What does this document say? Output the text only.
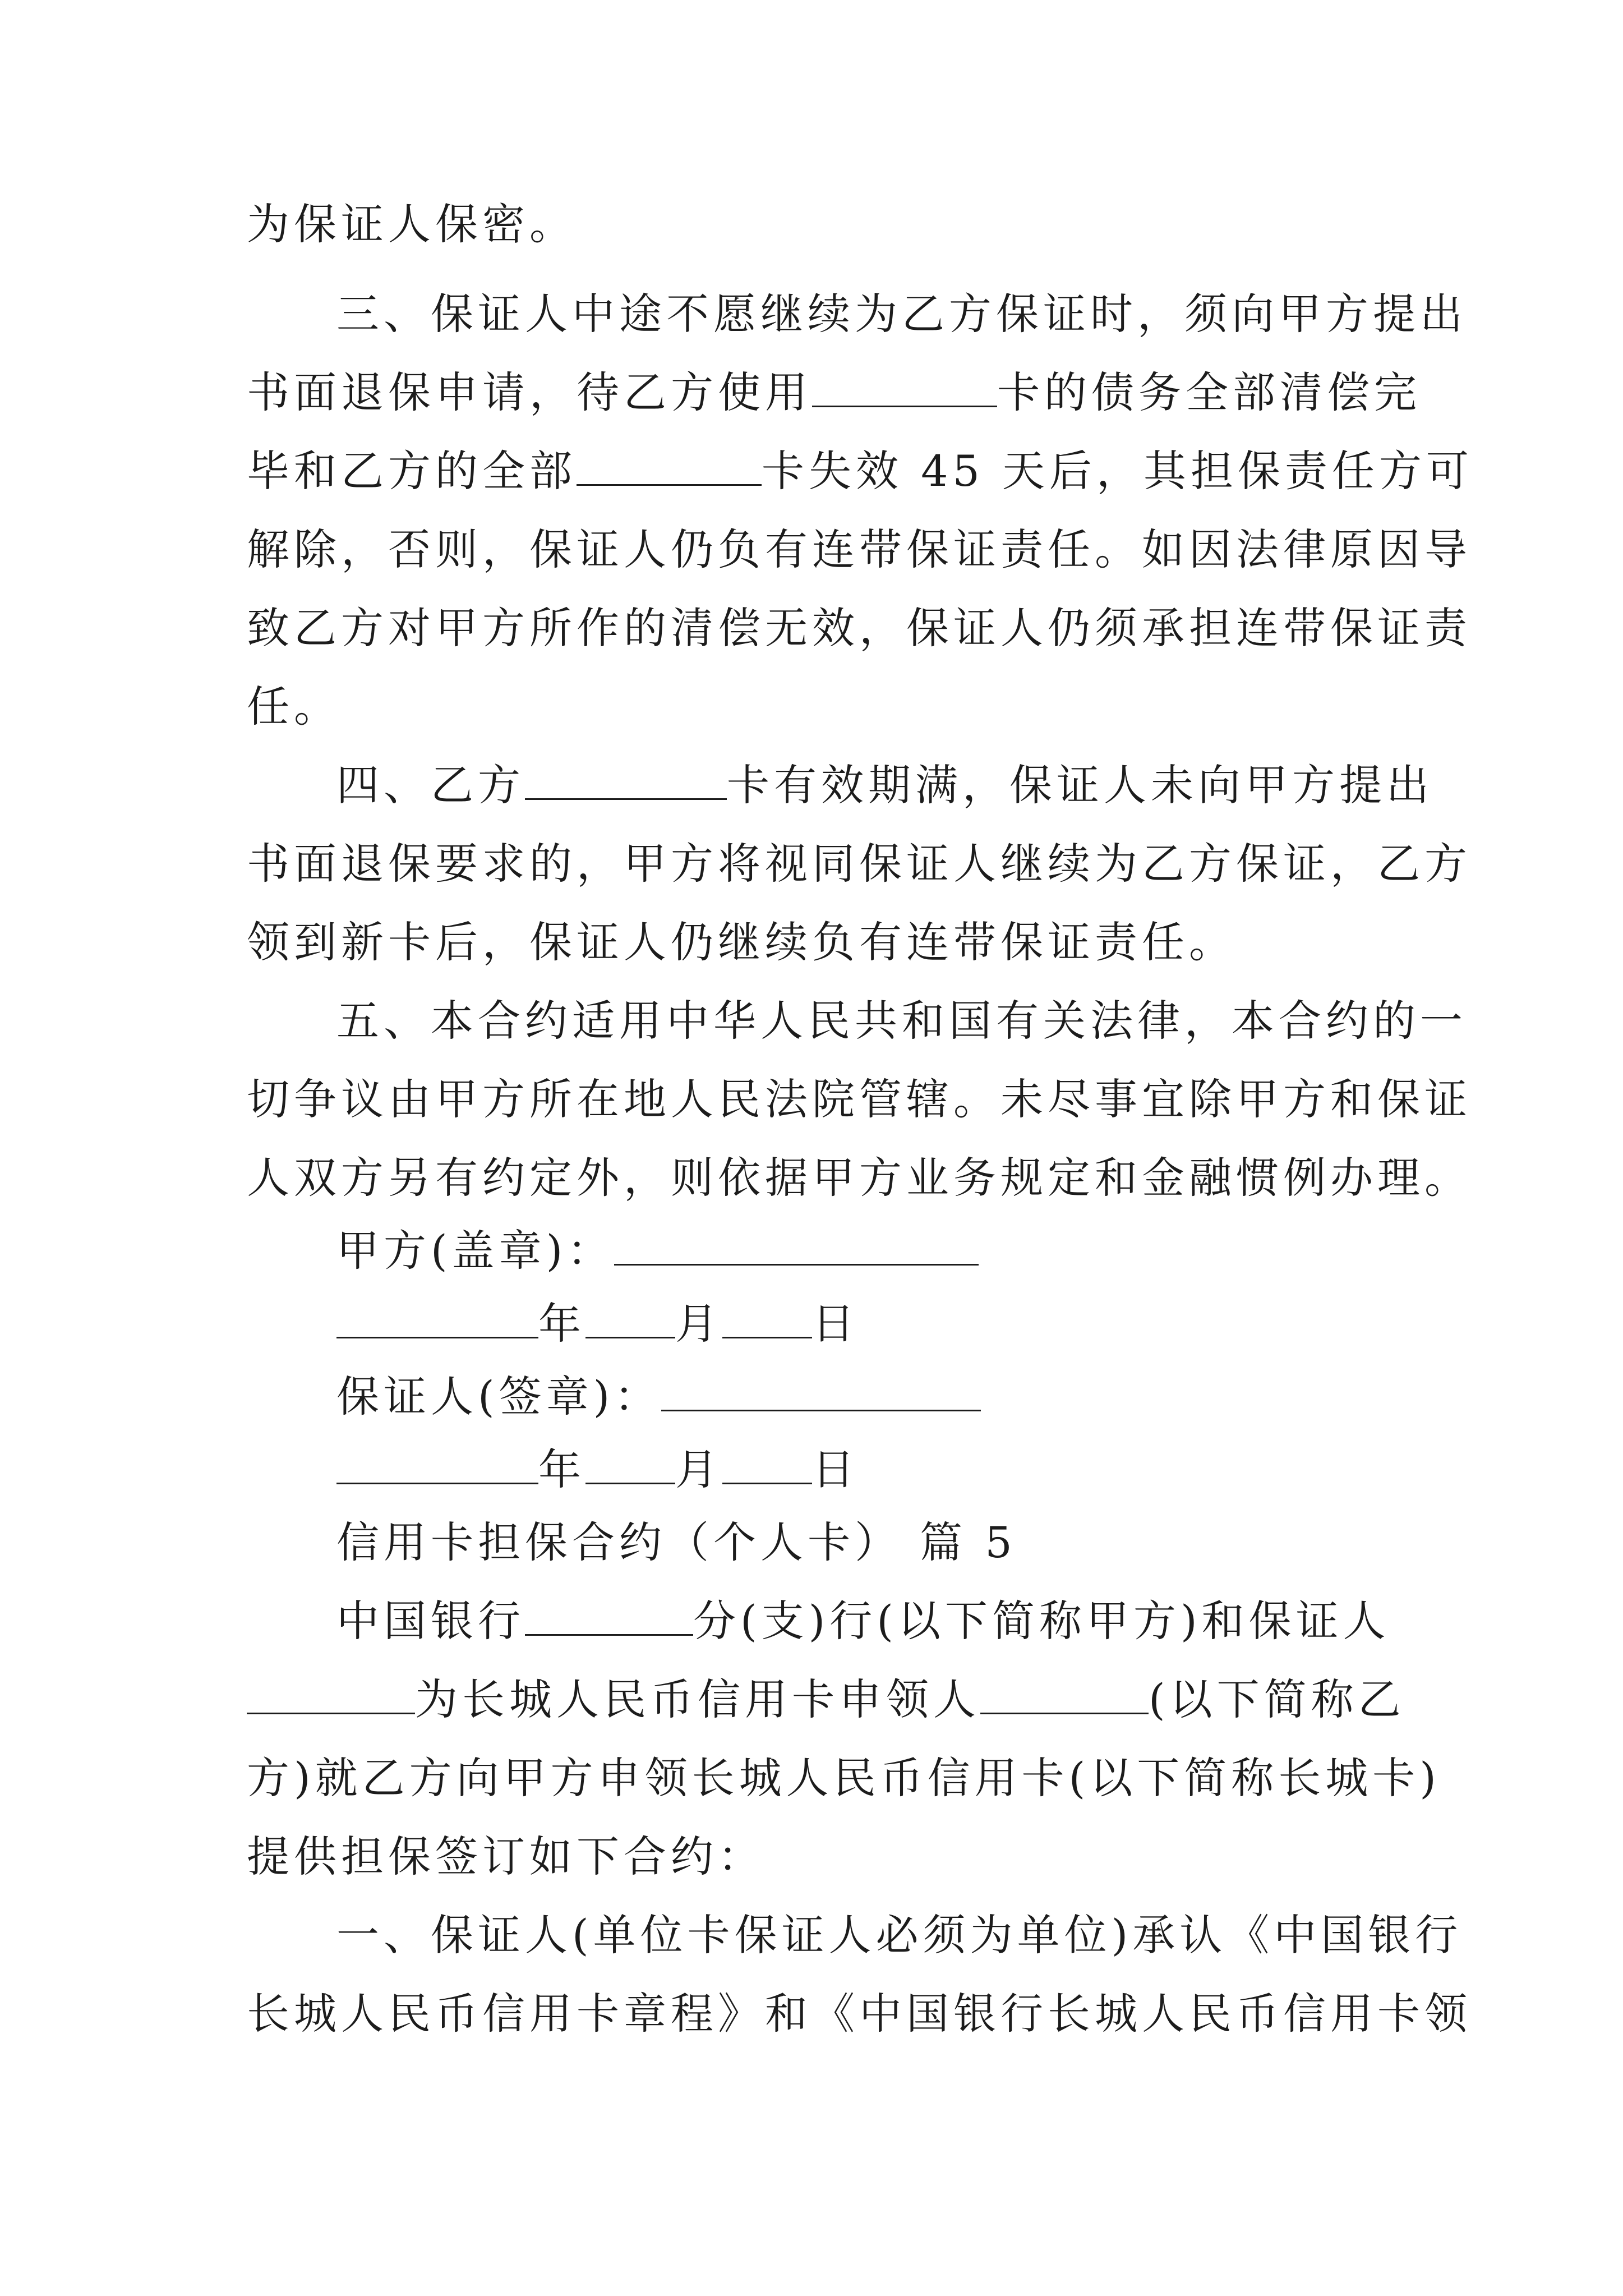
为保证人保密。
三、保证人中途不愿继续为乙方保证时，须向甲方提出
书面退保申请，待乙方使用	卡的债务全部清偿完
毕和乙方的全部	卡失效 45 天后，其担保责任方可
解除，否则，保证人仍负有连带保证责任。如因法律原因导
致乙方对甲方所作的清偿无效，保证人仍须承担连带保证责
任。
四、乙方	卡有效期满，保证人未向甲方提出
书面退保要求的，甲方将视同保证人继续为乙方保证，乙方
领到新卡后，保证人仍继续负有连带保证责任。
五、本合约适用中华人民共和国有关法律，本合约的一
切争议由甲方所在地人民法院管辖。未尽事宜除甲方和保证
人双方另有约定外，则依据甲方业务规定和金融惯例办理。
甲方(盖章)：
年 月 日
保证人(签章)：
年 月 日
信用卡担保合约（个人卡） 篇 5
中国银行	分(支)行(以下简称甲方)和保证人
为长城人民币信用卡申领人	(以下简称乙
方)就乙方向甲方申领长城人民币信用卡(以下简称长城卡)
提供担保签订如下合约：
一、保证人(单位卡保证人必须为单位)承认《中国银行
长城人民币信用卡章程》和《中国银行长城人民币信用卡领
